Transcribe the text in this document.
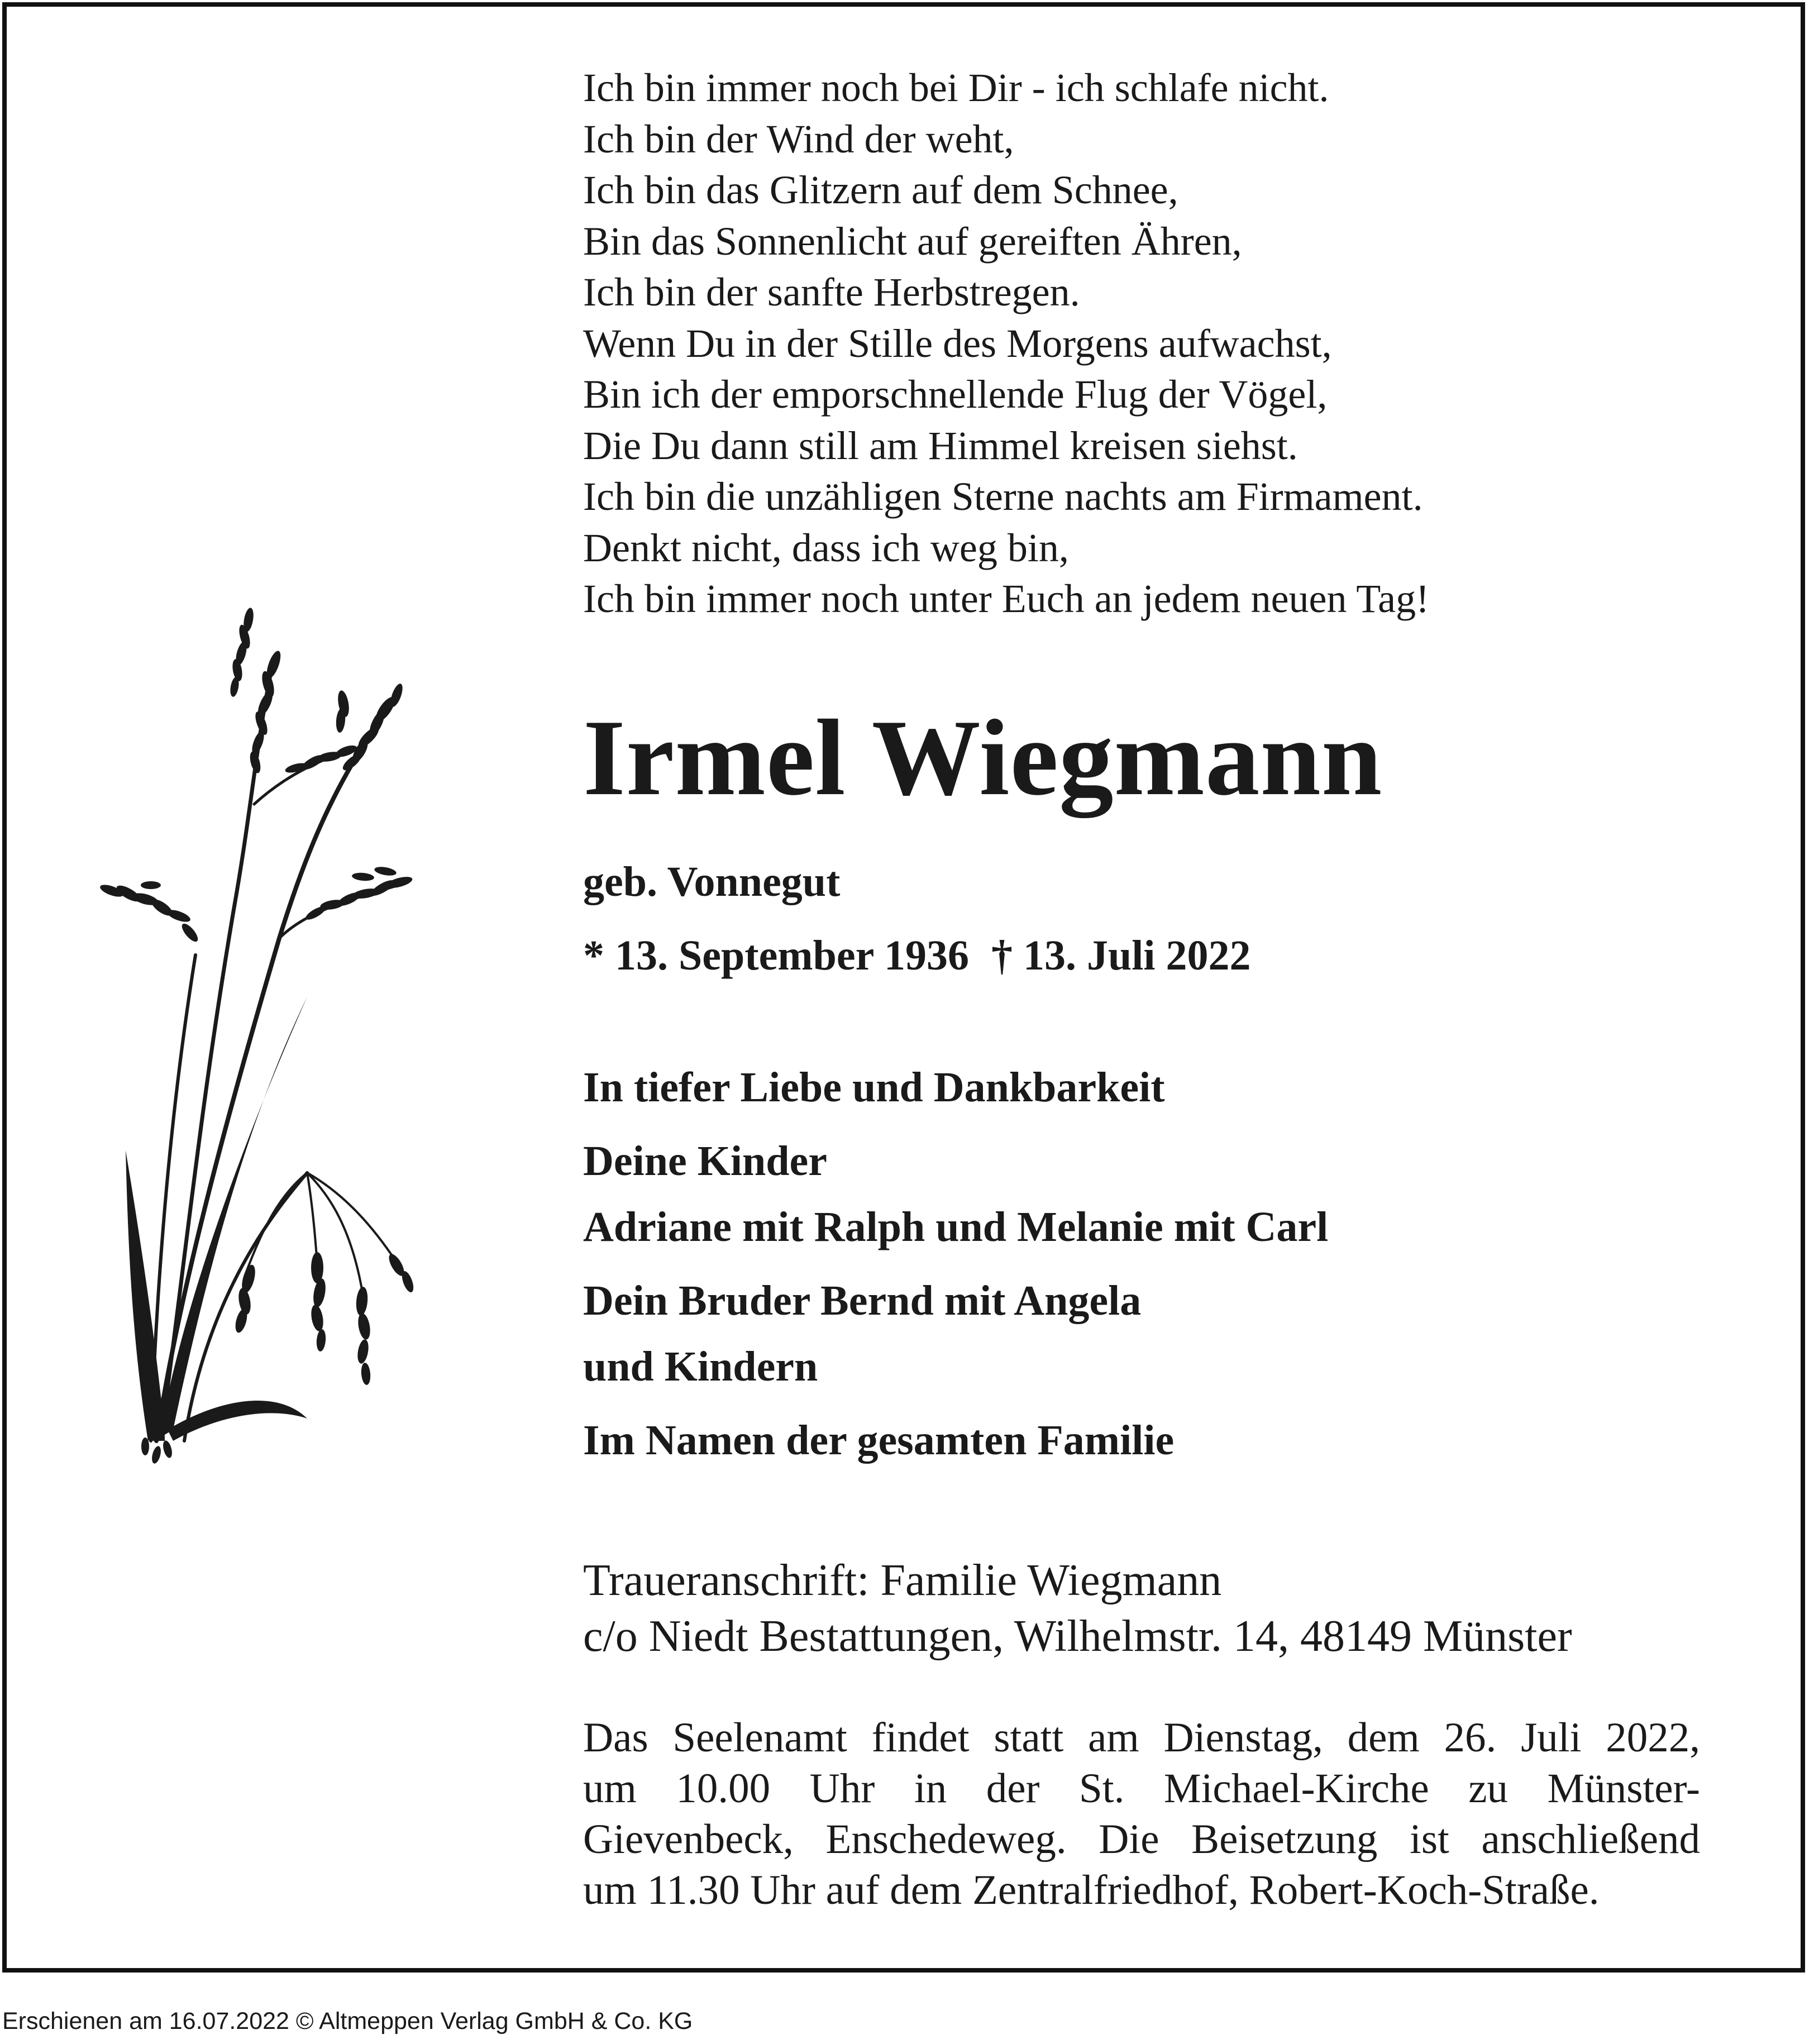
Ich bin immer noch bei Dir - ich schlafe nicht.
Ich bin der Wind der weht,
Ich bin das Glitzern auf dem Schnee,
Bin das Sonnenlicht auf gereiften Ähren,
Ich bin der sanfte Herbstregen.
Wenn Du in der Stille des Morgens aufwachst,
Bin ich der emporschnellende Flug der Vögel,
Die Du dann still am Himmel kreisen siehst.
Ich bin die unzähligen Sterne nachts am Firmament.
Denkt nicht, dass ich weg bin,
Ich bin immer noch unter Euch an jedem neuen Tag!
Irmel Wiegmann
geb. Vonnegut
* 13. September 1936 † 13. Juli 2022
In tiefer Liebe und Dankbarkeit
Deine Kinder
Adriane mit Ralph und Melanie mit Carl
Dein Bruder Bernd mit Angela
und Kindern
Im Namen der gesamten Familie
Traueranschrift: Familie Wiegmann
c/o Niedt Bestattungen, Wilhelmstr. 14, 48149 Münster
Das Seelenamt findet statt am Dienstag, dem 26. Juli 2022,
um 10.00 Uhr in der St. Michael-Kirche zu Münster-
Gievenbeck, Enschedeweg. Die Beisetzung ist anschließend
um 11.30 Uhr auf dem Zentralfriedhof, Robert-Koch-Straße.
Erschienen am 16.07.2022 © Altmeppen Verlag GmbH & Co. KG
